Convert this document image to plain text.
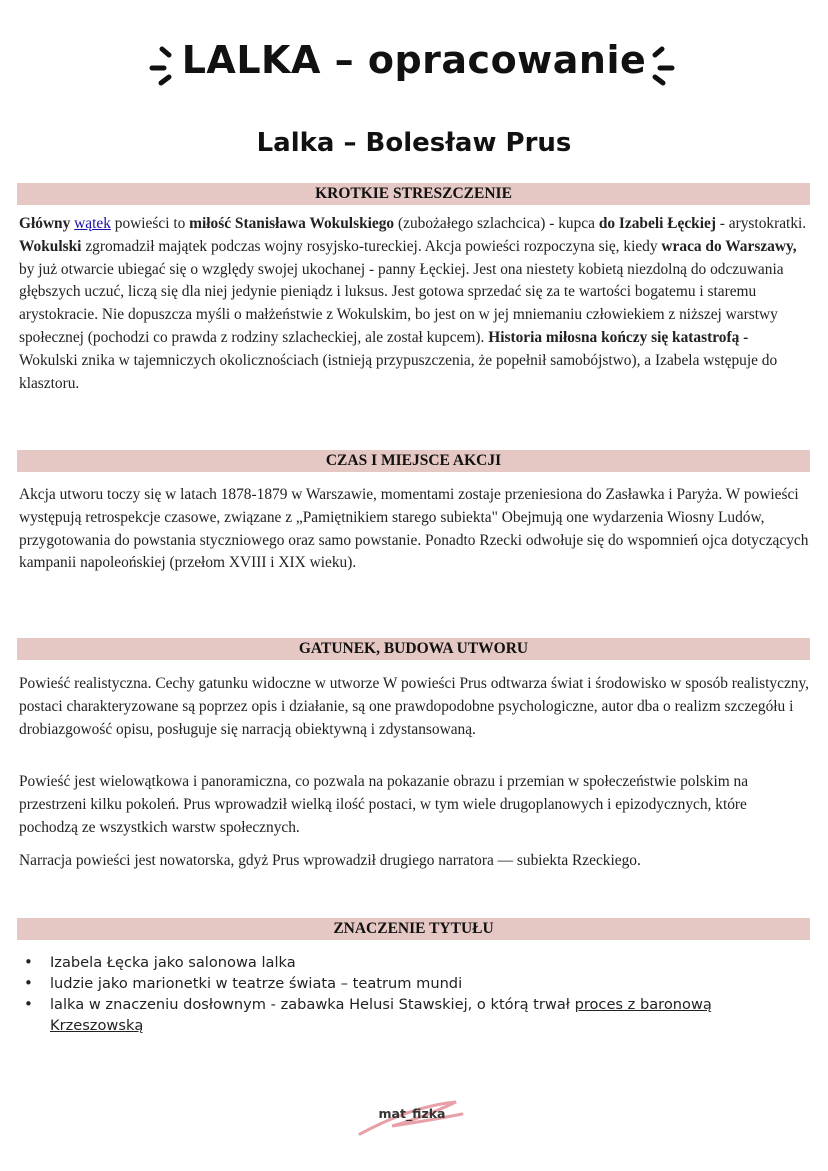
LALKA – opracowanie
Lalka – Bolesław Prus
KROTKIE STRESZCZENIE

Główny wątek powieści to miłość Stanisława Wokulskiego (zubożałego szlachcica) - kupca do Izabeli Łęckiej - arystokratki. Wokulski zgromadził majątek podczas wojny rosyjsko-tureckiej. Akcja powieści rozpoczyna się, kiedy wraca do Warszawy, by już otwarcie ubiegać się o względy swojej ukochanej - panny Łęckiej. Jest ona niestety kobietą niezdolną do odczuwania głębszych uczuć, liczą się dla niej jedynie pieniądz i luksus. Jest gotowa sprzedać się za te wartości bogatemu i staremu arystokracie. Nie dopuszcza myśli o małżeństwie z Wokulskim, bo jest on w jej mniemaniu człowiekiem z niższej warstwy społecznej (pochodzi co prawda z rodziny szlacheckiej, ale został kupcem). Historia miłosna kończy się katastrofą - Wokulski znika w tajemniczych okolicznościach (istnieją przypuszczenia, że popełnił samobójstwo), a Izabela wstępuje do klasztoru.

CZAS I MIEJSCE AKCJI

Akcja utworu toczy się w latach 1878-1879 w Warszawie, momentami zostaje przeniesiona do Zasławka i Paryża. W powieści występują retrospekcje czasowe, związane z „Pamiętnikiem starego subiekta" Obejmują one wydarzenia Wiosny Ludów, przygotowania do powstania styczniowego oraz samo powstanie. Ponadto Rzecki odwołuje się do wspomnień ojca dotyczących kampanii napoleońskiej (przełom XVIII i XIX wieku).

GATUNEK, BUDOWA UTWORU

Powieść realistyczna. Cechy gatunku widoczne w utworze W powieści Prus odtwarza świat i środowisko w sposób realistyczny, postaci charakteryzowane są poprzez opis i działanie, są one prawdopodobne psychologiczne, autor dba o realizm szczegółu i drobiazgowość opisu, posługuje się narracją obiektywną i zdystansowaną.

Powieść jest wielowątkowa i panoramiczna, co pozwala na pokazanie obrazu i przemian w społeczeństwie polskim na przestrzeni kilku pokoleń. Prus wprowadził wielką ilość postaci, w tym wiele drugoplanowych i epizodycznych, które pochodzą ze wszystkich warstw społecznych.

Narracja powieści jest nowatorska, gdyż Prus wprowadził drugiego narratora — subiekta Rzeckiego.

ZNACZENIE TYTUŁU
• Izabela Łęcka jako salonowa lalka
• ludzie jako marionetki w teatrze świata – teatrum mundi
• lalka w znaczeniu dosłownym - zabawka Helusi Stawskiej, o którą trwał proces z baronową Krzeszowską
mat_fizka
